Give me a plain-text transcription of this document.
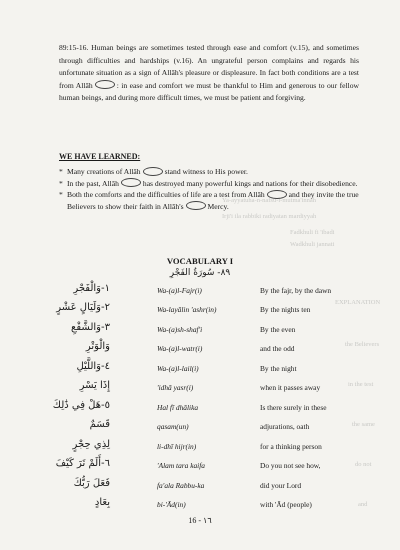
Ya-ayyatuha-n-nafsu-l-mutma'innah
Irji'i ila rabbiki radiyatan mardiyyah
Fadkhuli fi 'ibadi
Wadkhuli jannati
EXPLANATION
the Believers
in the test
the same
do not
and
89:15-16. Human beings are sometimes tested through ease and comfort (v.15), and sometimes through difficulties and hardships (v.16). An ungrateful person complains and regards his unfortunate situation as a sign of Allāh's pleasure or displeasure. In fact both conditions are a test from Allāh	: in ease and comfort we must be thankful to Him and generous to our fellow human beings, and during more difficult times, we must be patient and forgiving.
WE HAVE LEARNED:
* Many creations of Allāh	stand witness to His power.
* In the past, Allāh	has destroyed many powerful kings and nations for their disobedience.
* Both the comforts and the difficulties of life are a test from Allāh	and they invite the true Believers to show their faith in Allāh's	Mercy.
VOCABULARY I
٨٩- سُورَةُ الفَجْرِ
١-وَالْفَجْرِ	Wa-(a)l-Fajr(i)	By the fajr, by the dawn
٢-وَلَيَالٍ عَشْرٍ	Wa-layālin 'ashr(in)	By the nights ten
٣-وَالشَّفْعِ	Wa-(a)sh-shaf'i	By the even
وَالْوَتْرِ	Wa-(a)l-watr(i)	and the odd
٤-وَاللَّيْلِ	Wa-(a)l-lail(i)	By the night
إِذَا يَسْرِ	'idhā yasr(i)	when it passes away
٥-هَلْ فِي ذَٰلِكَ	Hal fī dhālika	Is there surely in these
قَسَمٌ	qasam(un)	adjurations, oath
لِذِي حِجْرٍ	li-dhī hijr(in)	for a thinking person
٦-أَلَمْ تَرَ كَيْفَ	'Alam tara kaifa	Do you not see how,
فَعَلَ رَبُّكَ	fa'ala Rabbu-ka	did your Lord
بِعَادٍ	bi-'Ād(in)	with 'Ād (people)
16 - ١٦
